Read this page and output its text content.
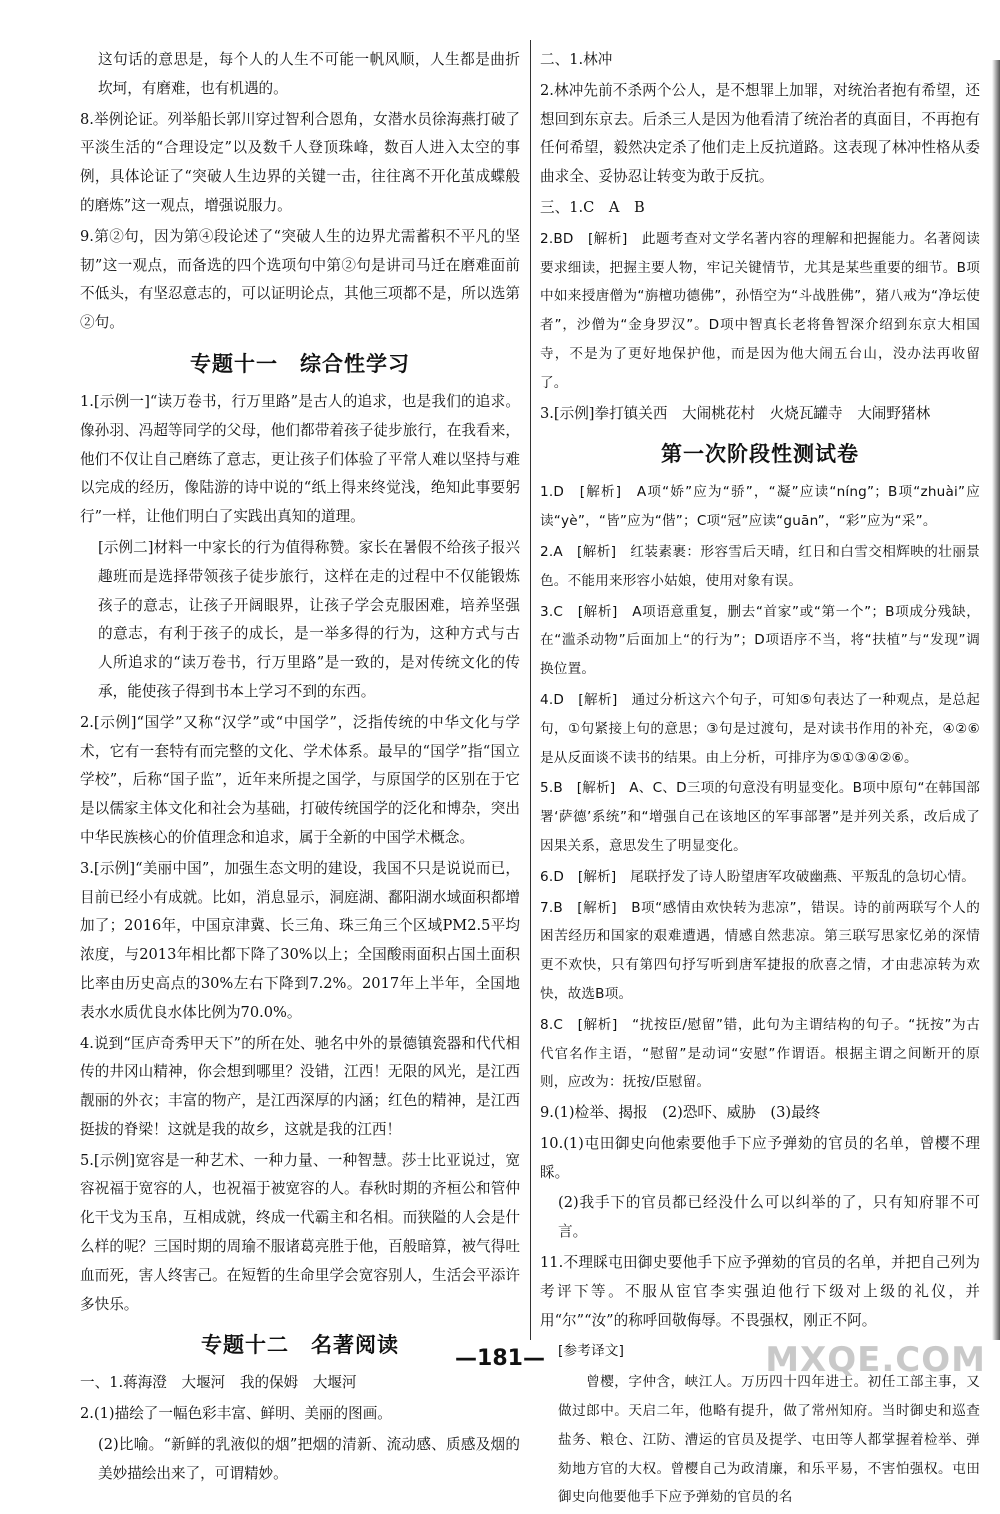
这句话的意思是，每个人的人生不可能一帆风顺，人生都是曲折坎坷，有磨难，也有机遇的。

8.举例论证。列举船长郭川穿过智利合恩角，女潜水员徐海燕打破了平淡生活的“合理设定”以及数千人登顶珠峰，数百人进入太空的事例，具体论证了“突破人生边界的关键一击，往往离不开化茧成蝶般的磨炼”这一观点，增强说服力。

9.第②句，因为第④段论述了“突破人生的边界尤需蓄积不平凡的坚韧”这一观点，而备选的四个选项句中第②句是讲司马迁在磨难面前不低头，有坚忍意志的，可以证明论点，其他三项都不是，所以选第②句。

专题十一　综合性学习

1.[示例一]“读万卷书，行万里路”是古人的追求，也是我们的追求。像孙羽、冯超等同学的父母，他们都带着孩子徒步旅行，在我看来，他们不仅让自己磨练了意志，更让孩子们体验了平常人难以坚持与难以完成的经历，像陆游的诗中说的“纸上得来终觉浅，绝知此事要躬行”一样，让他们明白了实践出真知的道理。

[示例二]材料一中家长的行为值得称赞。家长在暑假不给孩子报兴趣班而是选择带领孩子徒步旅行，这样在走的过程中不仅能锻炼孩子的意志，让孩子开阔眼界，让孩子学会克服困难，培养坚强的意志，有利于孩子的成长，是一举多得的行为，这种方式与古人所追求的“读万卷书，行万里路”是一致的，是对传统文化的传承，能使孩子得到书本上学习不到的东西。

2.[示例]“国学”又称“汉学”或“中国学”，泛指传统的中华文化与学术，它有一套特有而完整的文化、学术体系。最早的“国学”指“国立学校”，后称“国子监”，近年来所提之国学，与原国学的区别在于它是以儒家主体文化和社会为基础，打破传统国学的泛化和博杂，突出中华民族核心的价值理念和追求，属于全新的中国学术概念。

3.[示例]“美丽中国”，加强生态文明的建设，我国不只是说说而已，目前已经小有成就。比如，消息显示，洞庭湖、鄱阳湖水域面积都增加了；2016年，中国京津冀、长三角、珠三角三个区域PM2.5平均浓度，与2013年相比都下降了30%以上；全国酸雨面积占国土面积比率由历史高点的30%左右下降到7.2%。2017年上半年，全国地表水水质优良水体比例为70.0%。

4.说到“匡庐奇秀甲天下”的所在处、驰名中外的景德镇瓷器和代代相传的井冈山精神，你会想到哪里？没错，江西！无限的风光，是江西靓丽的外衣；丰富的物产，是江西深厚的内涵；红色的精神，是江西挺拔的脊梁！这就是我的故乡，这就是我的江西！

5.[示例]宽容是一种艺术、一种力量、一种智慧。莎士比亚说过，宽容祝福于宽容的人，也祝福于被宽容的人。春秋时期的齐桓公和管仲化干戈为玉帛，互相成就，终成一代霸主和名相。而狭隘的人会是什么样的呢？三国时期的周瑜不服诸葛亮胜于他，百般暗算，被气得吐血而死，害人终害己。在短暂的生命里学会宽容别人，生活会平添许多快乐。

专题十二　名著阅读

一、1.蒋海澄　大堰河　我的保姆　大堰河

2.(1)描绘了一幅色彩丰富、鲜明、美丽的图画。

(2)比喻。“新鲜的乳液似的烟”把烟的清新、流动感、质感及烟的美妙描绘出来了，可谓精妙。

二、1.林冲

2.林冲先前不杀两个公人，是不想罪上加罪，对统治者抱有希望，还想回到东京去。后杀三人是因为他看清了统治者的真面目，不再抱有任何希望，毅然决定杀了他们走上反抗道路。这表现了林冲性格从委曲求全、妥协忍让转变为敢于反抗。

三、1.C　A　B

2.BD　[解析]　此题考查对文学名著内容的理解和把握能力。名著阅读要求细读，把握主要人物，牢记关键情节，尤其是某些重要的细节。B项中如来授唐僧为“旃檀功德佛”，孙悟空为“斗战胜佛”，猪八戒为“净坛使者”，沙僧为“金身罗汉”。D项中智真长老将鲁智深介绍到东京大相国寺，不是为了更好地保护他，而是因为他大闹五台山，没办法再收留了。

3.[示例]拳打镇关西　大闹桃花村　火烧瓦罐寺　大闹野猪林

第一次阶段性测试卷

1.D　[解析]　A项“娇”应为“骄”，“凝”应读“níng”；B项“zhuài”应读“yè”，“皆”应为“偕”；C项“冠”应读“guān”，“彩”应为“采”。

2.A　[解析]　红装素裹：形容雪后天晴，红日和白雪交相辉映的壮丽景色。不能用来形容小姑娘，使用对象有误。

3.C　[解析]　A项语意重复，删去“首家”或“第一个”；B项成分残缺，在“滥杀动物”后面加上“的行为”；D项语序不当，将“扶植”与“发现”调换位置。

4.D　[解析]　通过分析这六个句子，可知⑤句表达了一种观点，是总起句，①句紧接上句的意思；③句是过渡句，是对读书作用的补充，④②⑥是从反面谈不读书的结果。由上分析，可排序为⑤①③④②⑥。

5.B　[解析]　A、C、D三项的句意没有明显变化。B项中原句“在韩国部署‘萨德’系统”和“增强自己在该地区的军事部署”是并列关系，改后成了因果关系，意思发生了明显变化。

6.D　[解析]　尾联抒发了诗人盼望唐军攻破幽燕、平叛乱的急切心情。

7.B　[解析]　B项“感情由欢快转为悲凉”，错误。诗的前两联写个人的困苦经历和国家的艰难遭遇，情感自然悲凉。第三联写思家忆弟的深情更不欢快，只有第四句抒写听到唐军捷报的欣喜之情，才由悲凉转为欢快，故选B项。

8.C　[解析]　“扰按臣/慰留”错，此句为主谓结构的句子。“抚按”为古代官名作主语，“慰留”是动词“安慰”作谓语。根据主谓之间断开的原则，应改为：抚按/臣慰留。

9.(1)检举、揭报　(2)恐吓、威胁　(3)最终

10.(1)屯田御史向他索要他手下应予弹劾的官员的名单，曾樱不理睬。

(2)我手下的官员都已经没什么可以纠举的了，只有知府罪不可言。

11.不理睬屯田御史要他手下应予弹劾的官员的名单，并把自己列为考评下等。不服从宦官李实强迫他行下级对上级的礼仪，并用“尔”“汝”的称呼回敬侮辱。不畏强权，刚正不阿。

[参考译文]

　　曾樱，字仲含，峡江人。万历四十四年进士。初任工部主事，又做过郎中。天启二年，他略有提升，做了常州知府。当时御史和巡查盐务、粮仓、江防、漕运的官员及提学、屯田等人都掌握着检举、弹劾地方官的大权。曾樱自己为政清廉，和乐平易，不害怕强权。屯田御史向他要他手下应予弹劾的官员的名

—181—	MXQE.COM
